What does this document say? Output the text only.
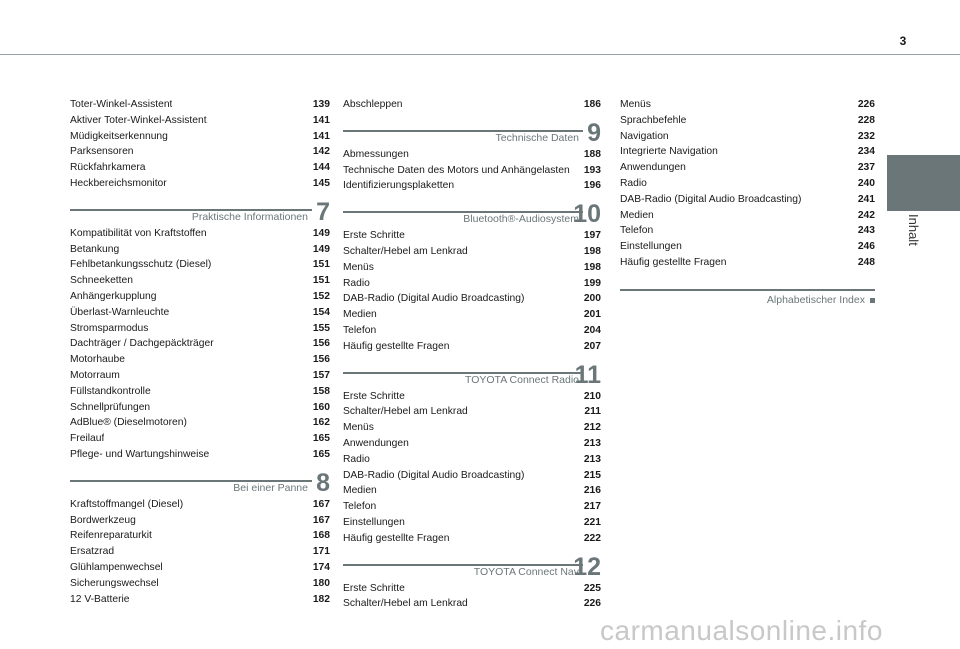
3
Inhalt
Toter-Winkel-Assistent	139
Aktiver Toter-Winkel-Assistent	141
Müdigkeitserkennung	141
Parksensoren	142
Rückfahrkamera	144
Heckbereichsmonitor	145
Praktische Informationen 7
Kompatibilität von Kraftstoffen	149
Betankung	149
Fehlbetankungsschutz (Diesel)	151
Schneeketten	151
Anhängerkupplung	152
Überlast-Warnleuchte	154
Stromsparmodus	155
Dachträger / Dachgepäckträger	156
Motorhaube	156
Motorraum	157
Füllstandkontrolle	158
Schnellprüfungen	160
AdBlue® (Dieselmotoren)	162
Freilauf	165
Pflege- und Wartungshinweise	165
Bei einer Panne 8
Kraftstoffmangel (Diesel)	167
Bordwerkzeug	167
Reifenreparaturkit	168
Ersatzrad	171
Glühlampenwechsel	174
Sicherungswechsel	180
12 V-Batterie	182
Abschleppen	186
Technische Daten 9
Abmessungen	188
Technische Daten des Motors und Anhängelasten 193
Identifizierungsplaketten	196
Bluetooth®-Audiosystem
10
Erste Schritte	197
Schalter/Hebel am Lenkrad	198
Menüs	198
Radio	199
DAB-Radio (Digital Audio Broadcasting)	200
Medien	201
Telefon	204
Häufig gestellte Fragen	207
TOYOTA Connect Radio
11
Erste Schritte	210
Schalter/Hebel am Lenkrad	211
Menüs	212
Anwendungen	213
Radio	213
DAB-Radio (Digital Audio Broadcasting)	215
Medien	216
Telefon	217
Einstellungen	221
Häufig gestellte Fragen	222
TOYOTA Connect Nav
12
Erste Schritte	225
Schalter/Hebel am Lenkrad	226
Menüs	226
Sprachbefehle	228
Navigation	232
Integrierte Navigation	234
Anwendungen	237
Radio	240
DAB-Radio (Digital Audio Broadcasting)	241
Medien	242
Telefon	243
Einstellungen	246
Häufig gestellte Fragen	248
Alphabetischer Index
carmanualsonline.info
